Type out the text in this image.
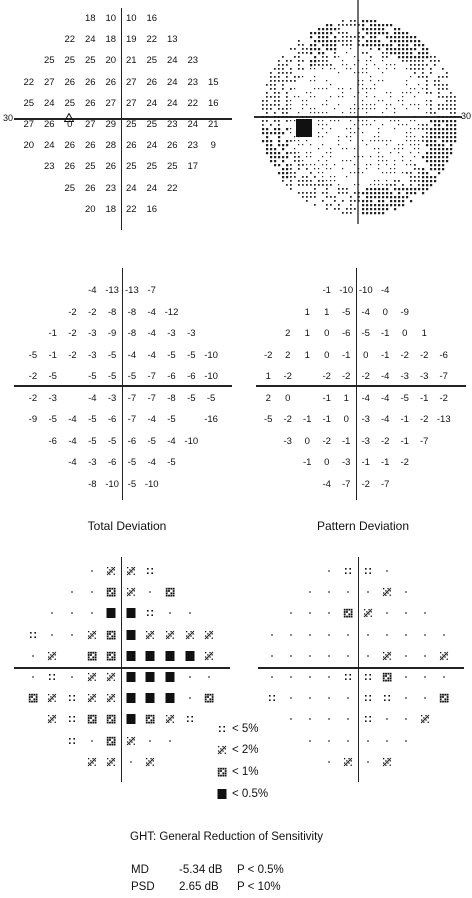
30
18 10 10 16
22 24 18 19 22 13
25 25 25 20 21 25 24 23
22 27 26 26 26 27 26 24 23 15
25 24 25 26 27 27 24 24 22 16
27 26 0 27 29 25 25 23 24 21
20 24 26 26 28 26 24 26 23 9
23 26 25 26 25 25 25 17
25 26 23 24 24 22
20 18 22 16
30
-4 -13 -13 -7
-2 -2 -8 -8 -4 -12
-1 -2 -3 -9 -8 -4 -3 -3
-5 -1 -2 -3 -5 -4 -4 -5 -5 -10
-2 -5	-5 -5 -5 -7 -6 -6 -10
-2 -3	-4 -3 -7 -7 -8 -5 -5
-9 -5 -4 -5 -6 -7 -4 -5	-16
-6 -4 -5 -5 -6 -5 -4 -10
-4 -3 -6 -5 -4 -5
-8 -10 -5 -10
Total Deviation
-1 -10 -10 -4
1 1 -5 -4 0 -9
2 1 0 -6 -5 -1 0 1
-2 2 1 0 -1 0 -1 -2 -2 -6
1 -2	-2 -2 -2 -4 -3 -3 -7
2 0	-1 1 -4 -4 -5 -1 -2
-5 -2 -1 -1 0 -3 -4 -1 -2 -13
-3 0 -2 -1 -3 -2 -1 -7
-1 0 -3 -1 -1 -2
-4 -7 -2 -7
Pattern Deviation
< 5%
< 2%
< 1%
< 0.5%
GHT: General Reduction of Sensitivity
MD	-5.34 dB P < 0.5%
PSD 2.65 dB P < 10%
